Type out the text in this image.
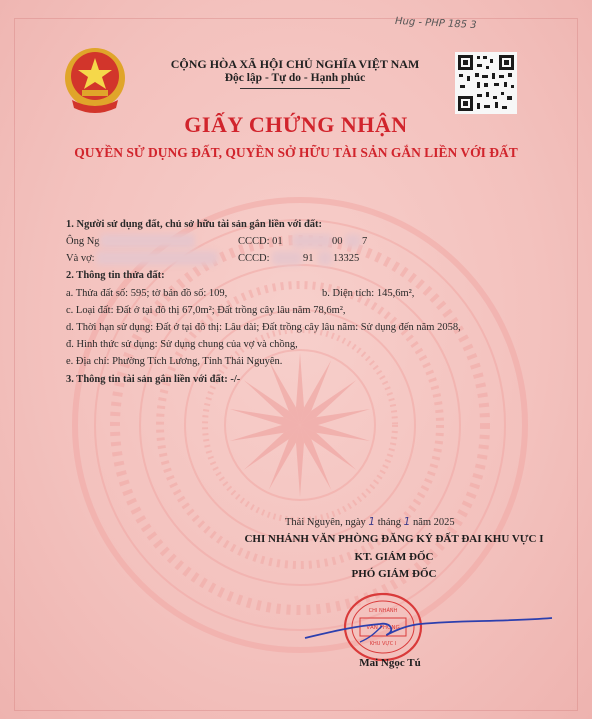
Hug - PHP 185 3
CỘNG HÒA XÃ HỘI CHỦ NGHĨA VIỆT NAM
Độc lập - Tự do - Hạnh phúc
GIẤY CHỨNG NHẬN
QUYỀN SỬ DỤNG ĐẤT, QUYỀN SỞ HỮU TÀI SẢN GẮN LIỀN VỚI ĐẤT
1. Người sử dụng đất, chủ sở hữu tài sản gắn liền với đất:
Ông Ng	CCCD: 01	00 7
Và vợ:	CCCD:	91 13325
2. Thông tin thửa đất:
a. Thửa đất số: 595; tờ bản đồ số: 109,	b. Diện tích: 145,6m²,
c. Loại đất: Đất ở tại đô thị 67,0m²; Đất trồng cây lâu năm 78,6m²,
d. Thời hạn sử dụng: Đất ở tại đô thị: Lâu dài; Đất trồng cây lâu năm: Sử dụng đến năm 2058,
đ. Hình thức sử dụng: Sử dụng chung của vợ và chồng,
e. Địa chỉ: Phường Tích Lương, Tỉnh Thái Nguyên.
3. Thông tin tài sản gắn liền với đất: -/-
Thái Nguyên, ngày 1 tháng 1 năm 2025
CHI NHÁNH VĂN PHÒNG ĐĂNG KÝ ĐẤT ĐAI KHU VỰC I
KT. GIÁM ĐỐC
PHÓ GIÁM ĐỐC
VĂN PHÒNG
CHI NHÁNH
KHU VỰC I
Mai Ngọc Tú
